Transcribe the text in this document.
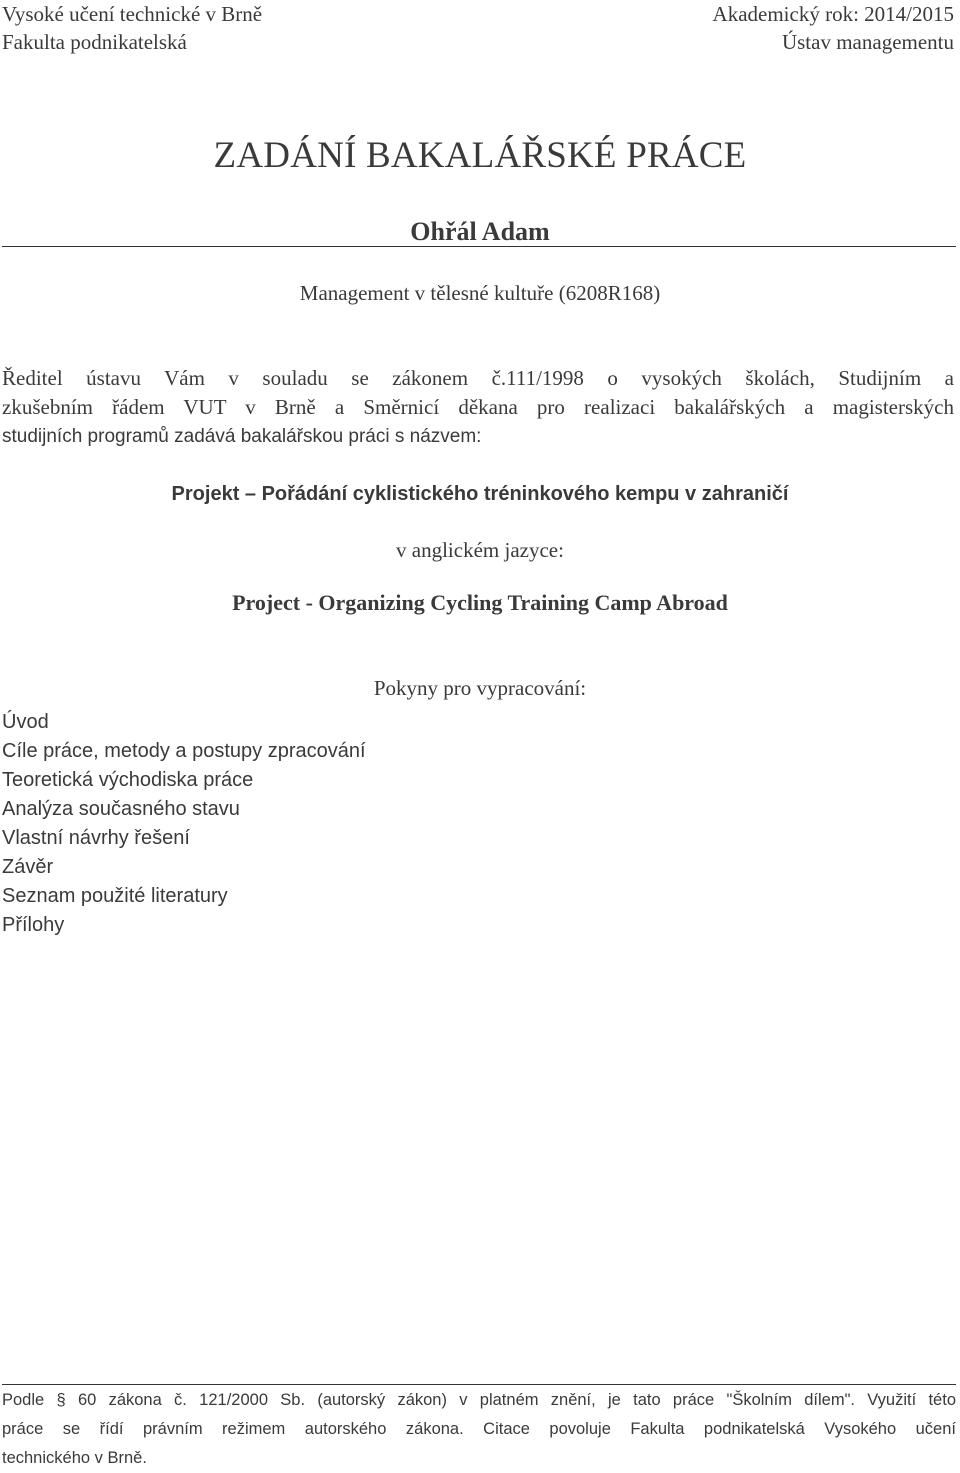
Vysoké učení technické v Brně
Fakulta podnikatelská
Akademický rok: 2014/2015
Ústav managementu
ZADÁNÍ BAKALÁŘSKÉ PRÁCE
Ohřál Adam
Management v tělesné kultuře (6208R168)
Ředitel ústavu Vám v souladu se zákonem č.111/1998 o vysokých školách, Studijním a
zkušebním řádem VUT v Brně a Směrnicí děkana pro realizaci bakalářských a magisterských
studijních programů zadává bakalářskou práci s názvem:
Projekt – Pořádání cyklistického tréninkového kempu v zahraničí
v anglickém jazyce:
Project - Organizing Cycling Training Camp Abroad
Pokyny pro vypracování:
Úvod
Cíle práce, metody a postupy zpracování
Teoretická východiska práce
Analýza současného stavu
Vlastní návrhy řešení
Závěr
Seznam použité literatury
Přílohy
Podle § 60 zákona č. 121/2000 Sb. (autorský zákon) v platném znění, je tato práce "Školním dílem". Využití této
práce se řídí právním režimem autorského zákona. Citace povoluje Fakulta podnikatelská Vysokého učení
technického v Brně.
